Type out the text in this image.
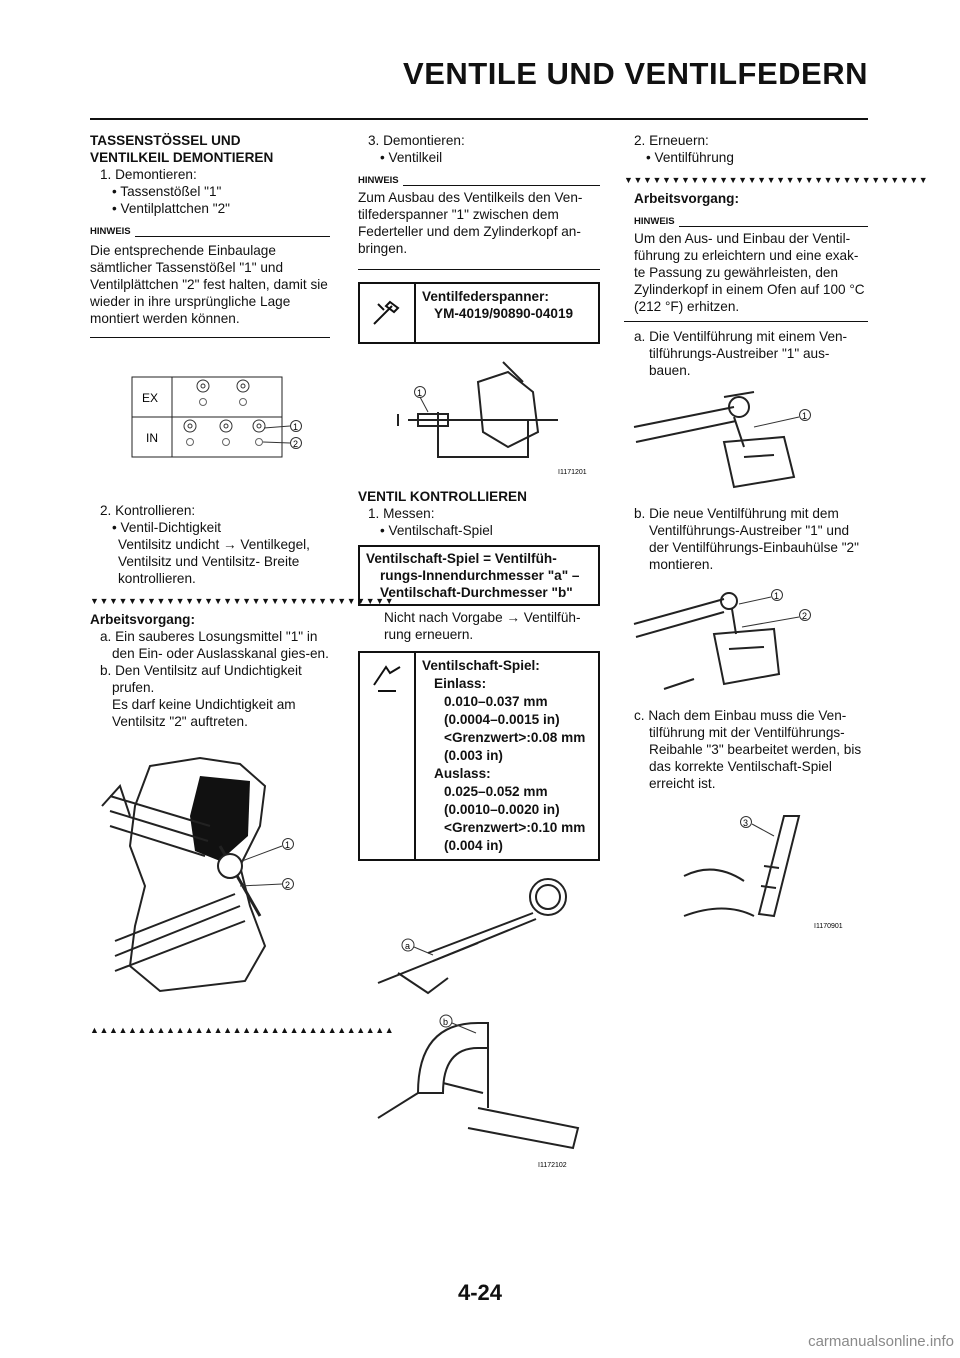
VENTILE UND VENTILFEDERN

TASSENSTÖSSEL UND

VENTILKEIL DEMONTIEREN

1. Demontieren:

• Tassenstößel "1"

• Ventilplattchen "2"

HINWEIS

Die entsprechende Einbaulage sämtlicher Tassenstößel "1" und Ventilplättchen "2" fest halten, damit sie wieder in ihre ursprüngliche Lage montiert werden können.

EX
IN
1
2

2. Kontrollieren:

• Ventil-Dichtigkeit

Ventilsitz undicht → Ventilkegel, Ventilsitz und Ventilsitz- Breite kontrollieren.

▼▼▼▼▼▼▼▼▼▼▼▼▼▼▼▼▼▼▼▼▼▼▼▼▼▼▼▼▼▼▼▼

Arbeitsvorgang:

a. Ein sauberes Losungsmittel "1" in den Ein- oder Auslasskanal gies-en.

b. Den Ventilsitz auf Undichtigkeit prufen.

Es darf keine Undichtigkeit am Ventilsitz "2" auftreten.

1
2
▲▲▲▲▲▲▲▲▲▲▲▲▲▲▲▲▲▲▲▲▲▲▲▲▲▲▲▲▲▲▲▲

3. Demontieren:

• Ventilkeil

HINWEIS

Zum Ausbau des Ventilkeils den Ven-tilfederspanner "1" zwischen dem Federteller und dem Zylinderkopf an-bringen.

Ventilfederspanner:
YM-4019/90890-04019
1
I1171201

VENTIL KONTROLLIEREN

1. Messen:

• Ventilschaft-Spiel

Ventilschaft-Spiel = Ventilfüh-
rungs-Innendurchmesser "a" –
Ventilschaft-Durchmesser "b"

Nicht nach Vorgabe → Ventilfüh-rung erneuern.

Ventilschaft-Spiel:
Einlass:
0.010–0.037 mm
(0.0004–0.0015 in)
<Grenzwert>:0.08 mm
(0.003 in)
Auslass:
0.025–0.052 mm
(0.0010–0.0020 in)
<Grenzwert>:0.10 mm
(0.004 in)
a
b
I1172102

2. Erneuern:

• Ventilführung

▼▼▼▼▼▼▼▼▼▼▼▼▼▼▼▼▼▼▼▼▼▼▼▼▼▼▼▼▼▼▼▼

Arbeitsvorgang:

HINWEIS

Um den Aus- und Einbau der Ventil-führung zu erleichtern und eine exak-te Passung zu gewährleisten, den Zylinderkopf in einem Ofen auf 100 °C (212 °F) erhitzen.

a. Die Ventilführung mit einem Ven-tilführungs-Austreiber "1" aus-bauen.

1

b. Die neue Ventilführung mit dem Ventilführungs-Austreiber "1" und der Ventilführungs-Einbauhülse "2" montieren.

1
2

c. Nach dem Einbau muss die Ven-tilführung mit der Ventilführungs-Reibahle "3" bearbeitet werden, bis das korrekte Ventilschaft-Spiel erreicht ist.

3
I1170901
4-24
carmanualsonline.info
